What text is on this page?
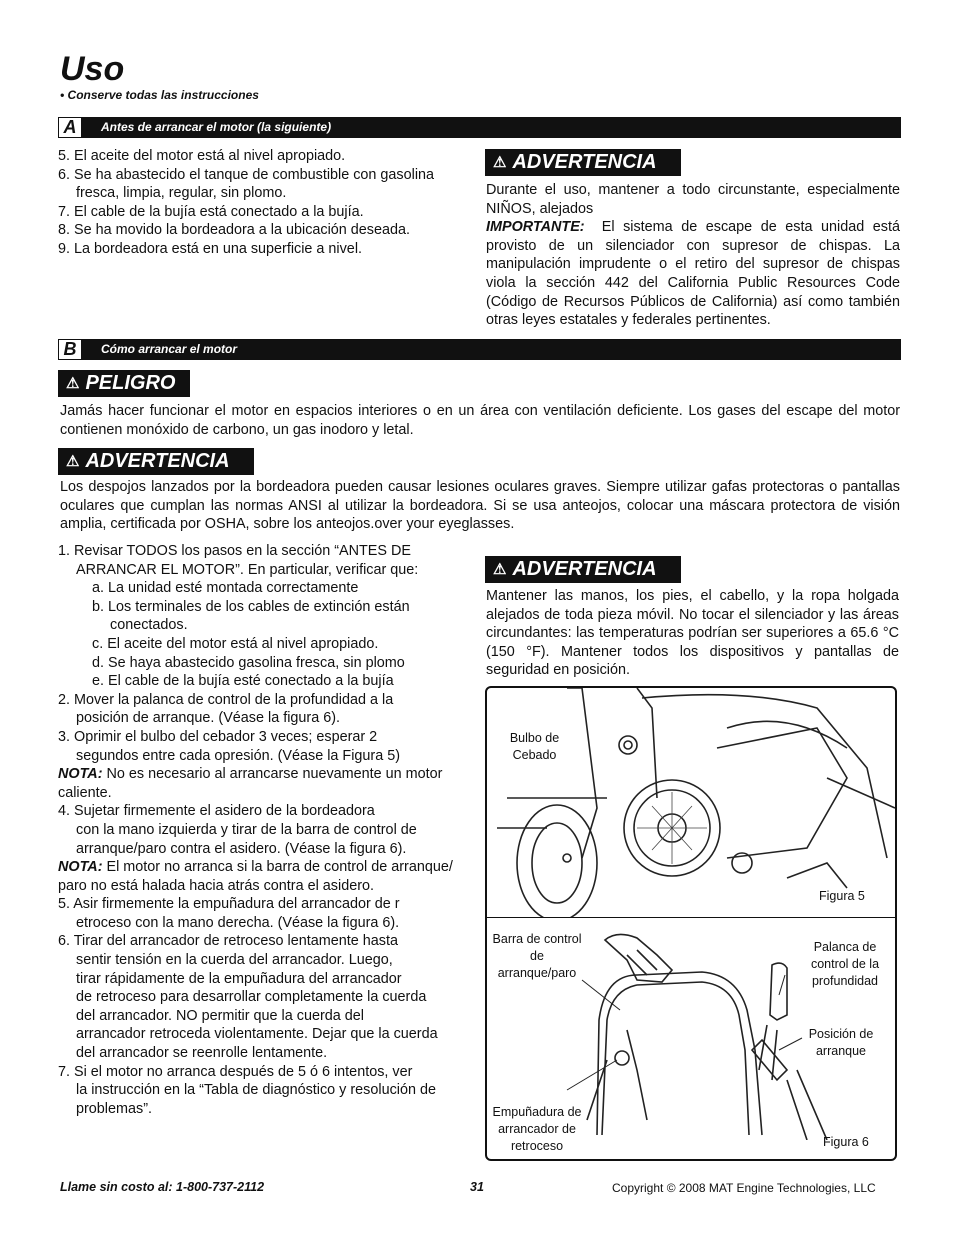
Uso
• Conserve todas las instrucciones
A	Antes de arrancar el motor (la siguiente)
5. El aceite del motor está al nivel apropiado.
6. Se ha abastecido el tanque de combustible con gasolina
fresca, limpia, regular, sin plomo.
7. El cable de la bujía está conectado a la bujía.
8. Se ha movido la bordeadora a la ubicación deseada.
9. La bordeadora está en una superficie a nivel.
⚠ ADVERTENCIA
Durante el uso, mantener a todo circunstante, especialmente NIÑOS, alejados
IMPORTANTE: El sistema de escape de esta unidad está provisto de un silenciador con supresor de chispas. La manipulación imprudente o el retiro del supresor de chispas viola la sección 442 del California Public Resources Code (Código de Recursos Públicos de California) así como también otras leyes estatales y federales pertinentes.
B	Cómo arrancar el motor
⚠ PELIGRO
Jamás hacer funcionar el motor en espacios interiores o en un área con ventilación deficiente. Los gases del escape del motor contienen monóxido de carbono, un gas inodoro y letal.
⚠ ADVERTENCIA
Los despojos lanzados por la bordeadora pueden causar lesiones oculares graves. Siempre utilizar gafas protectoras o pantallas oculares que cumplan las normas ANSI al utilizar la bordeadora. Si se usa anteojos, colocar una máscara protectora de visión amplia, certificada por OSHA, sobre los anteojos.over your eyeglasses.
1. Revisar TODOS los pasos en la sección “ANTES DE
ARRANCAR EL MOTOR”. En particular, verificar que:
a. La unidad esté montada correctamente
b. Los terminales de los cables de extinción están
conectados.
c. El aceite del motor está al nivel apropiado.
d. Se haya abastecido gasolina fresca, sin plomo
e. El cable de la bujía esté conectado a la bujía
2. Mover la palanca de control de la profundidad a la
posición de arranque. (Véase la figura 6).
3. Oprimir el bulbo del cebador 3 veces; esperar 2
segundos entre cada opresión. (Véase la Figura 5)
NOTA: No es necesario al arrancarse nuevamente un motor
caliente.
4. Sujetar firmemente el asidero de la bordeadora
con la mano izquierda y tirar de la barra de control de
arranque/paro contra el asidero. (Véase la figura 6).
NOTA: El motor no arranca si la barra de control de arranque/
paro no está halada hacia atrás contra el asidero.
5. Asir firmemente la empuñadura del arrancador de r
etroceso con la mano derecha. (Véase la figura 6).
6. Tirar del arrancador de retroceso lentamente hasta
sentir tensión en la cuerda del arrancador. Luego,
tirar rápidamente de la empuñadura del arrancador
de retroceso para desarrollar completamente la cuerda
del arrancador. NO permitir que la cuerda del
arrancador retroceda violentamente. Dejar que la cuerda
del arrancador se reenrolle lentamente.
7. Si el motor no arranca después de 5 ó 6 intentos, ver
la instrucción en la “Tabla de diagnóstico y resolución de
problemas”.
⚠ ADVERTENCIA
Mantener las manos, los pies, el cabello, y la ropa holgada alejados de toda pieza móvil. No tocar el silenciador y las áreas circundantes: las temperaturas podrían ser superiores a 65.6 °C (150 °F). Mantener todos los dispositivos y pantallas de seguridad en posición.
Bulbo de Cebado
Figura 5
Barra de control de arranque/paro
Palanca de control de la profundidad
Posición de arranque
Empuñadura de arrancador de retroceso	Figura 6
Llame sin costo al: 1-800-737-2112	31	Copyright © 2008 MAT Engine Technologies, LLC
